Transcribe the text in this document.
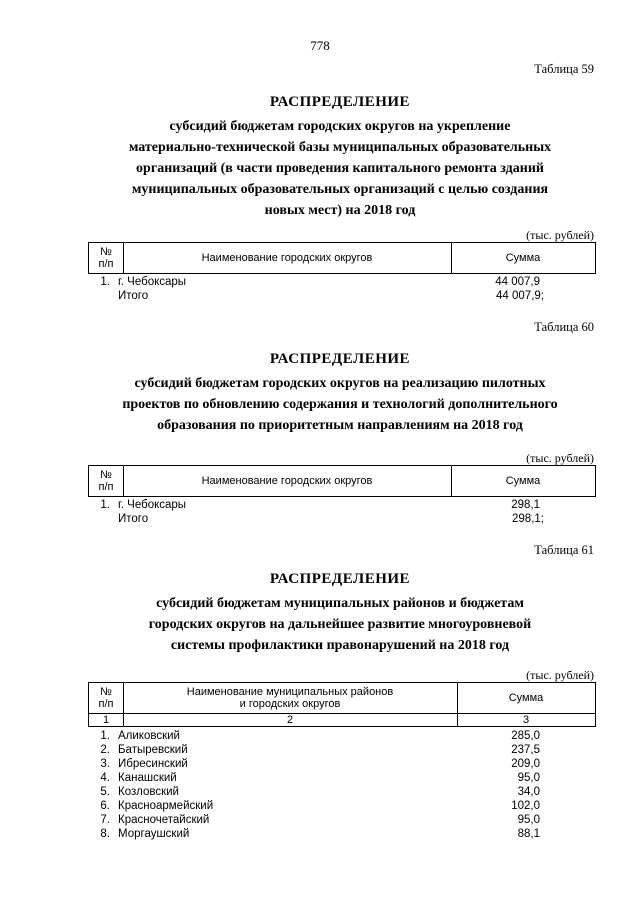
778
Таблица 59
РАСПРЕДЕЛЕНИЕ
субсидий бюджетам городских округов на укрепление
материально-технической базы муниципальных образовательных
организаций (в части проведения капитального ремонта зданий
муниципальных образовательных организаций с целью создания
новых мест) на 2018 год
(тыс. рублей)
№
п/п	Наименование городских округов	Сумма
1. г. Чебоксары	44 007,9
Итого	44 007,9;
Таблица 60
РАСПРЕДЕЛЕНИЕ
субсидий бюджетам городских округов на реализацию пилотных
проектов по обновлению содержания и технологий дополнительного
образования по приоритетным направлениям на 2018 год
(тыс. рублей)
№
п/п	Наименование городских округов	Сумма
1. г. Чебоксары	298,1
Итого	298,1;
Таблица 61
РАСПРЕДЕЛЕНИЕ
субсидий бюджетам муниципальных районов и бюджетам
городских округов на дальнейшее развитие многоуровневой
системы профилактики правонарушений на 2018 год
(тыс. рублей)
№
п/п
Наименование муниципальных районов
и городских округов	Сумма
1	2	3
1. Аликовский	285,0
2. Батыревский	237,5
3. Ибресинский	209,0
4. Канашский	95,0
5. Козловский	34,0
6. Красноармейский	102,0
7. Красночетайский	95,0
8. Моргаушский	88,1
